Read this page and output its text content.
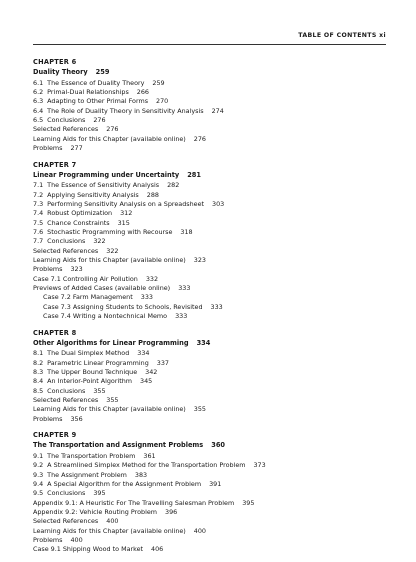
TABLE OF CONTENTS xi
CHAPTER 6
Duality Theory 259
6.1 The Essence of Duality Theory 259
6.2 Primal-Dual Relationships 266
6.3 Adapting to Other Primal Forms 270
6.4 The Role of Duality Theory in Sensitivity Analysis 274
6.5 Conclusions 276
Selected References 276
Learning Aids for this Chapter (available online) 276
Problems 277
CHAPTER 7
Linear Programming under Uncertainty 281
7.1 The Essence of Sensitivity Analysis 282
7.2 Applying Sensitivity Analysis 288
7.3 Performing Sensitivity Analysis on a Spreadsheet 303
7.4 Robust Optimization 312
7.5 Chance Constraints 315
7.6 Stochastic Programming with Recourse 318
7.7 Conclusions 322
Selected References 322
Learning Aids for this Chapter (available online) 323
Problems 323
Case 7.1 Controlling Air Pollution 332
Previews of Added Cases (available online) 333
Case 7.2 Farm Management 333
Case 7.3 Assigning Students to Schools, Revisited 333
Case 7.4 Writing a Nontechnical Memo 333
CHAPTER 8
Other Algorithms for Linear Programming 334
8.1 The Dual Simplex Method 334
8.2 Parametric Linear Programming 337
8.3 The Upper Bound Technique 342
8.4 An Interior-Point Algorithm 345
8.5 Conclusions 355
Selected References 355
Learning Aids for this Chapter (available online) 355
Problems 356
CHAPTER 9
The Transportation and Assignment Problems 360
9.1 The Transportation Problem 361
9.2 A Streamlined Simplex Method for the Transportation Problem 373
9.3 The Assignment Problem 383
9.4 A Special Algorithm for the Assignment Problem 391
9.5 Conclusions 395
Appendix 9.1: A Heuristic For The Travelling Salesman Problem 395
Appendix 9.2: Vehicle Routing Problem 396
Selected References 400
Learning Aids for this Chapter (available online) 400
Problems 400
Case 9.1 Shipping Wood to Market 406
